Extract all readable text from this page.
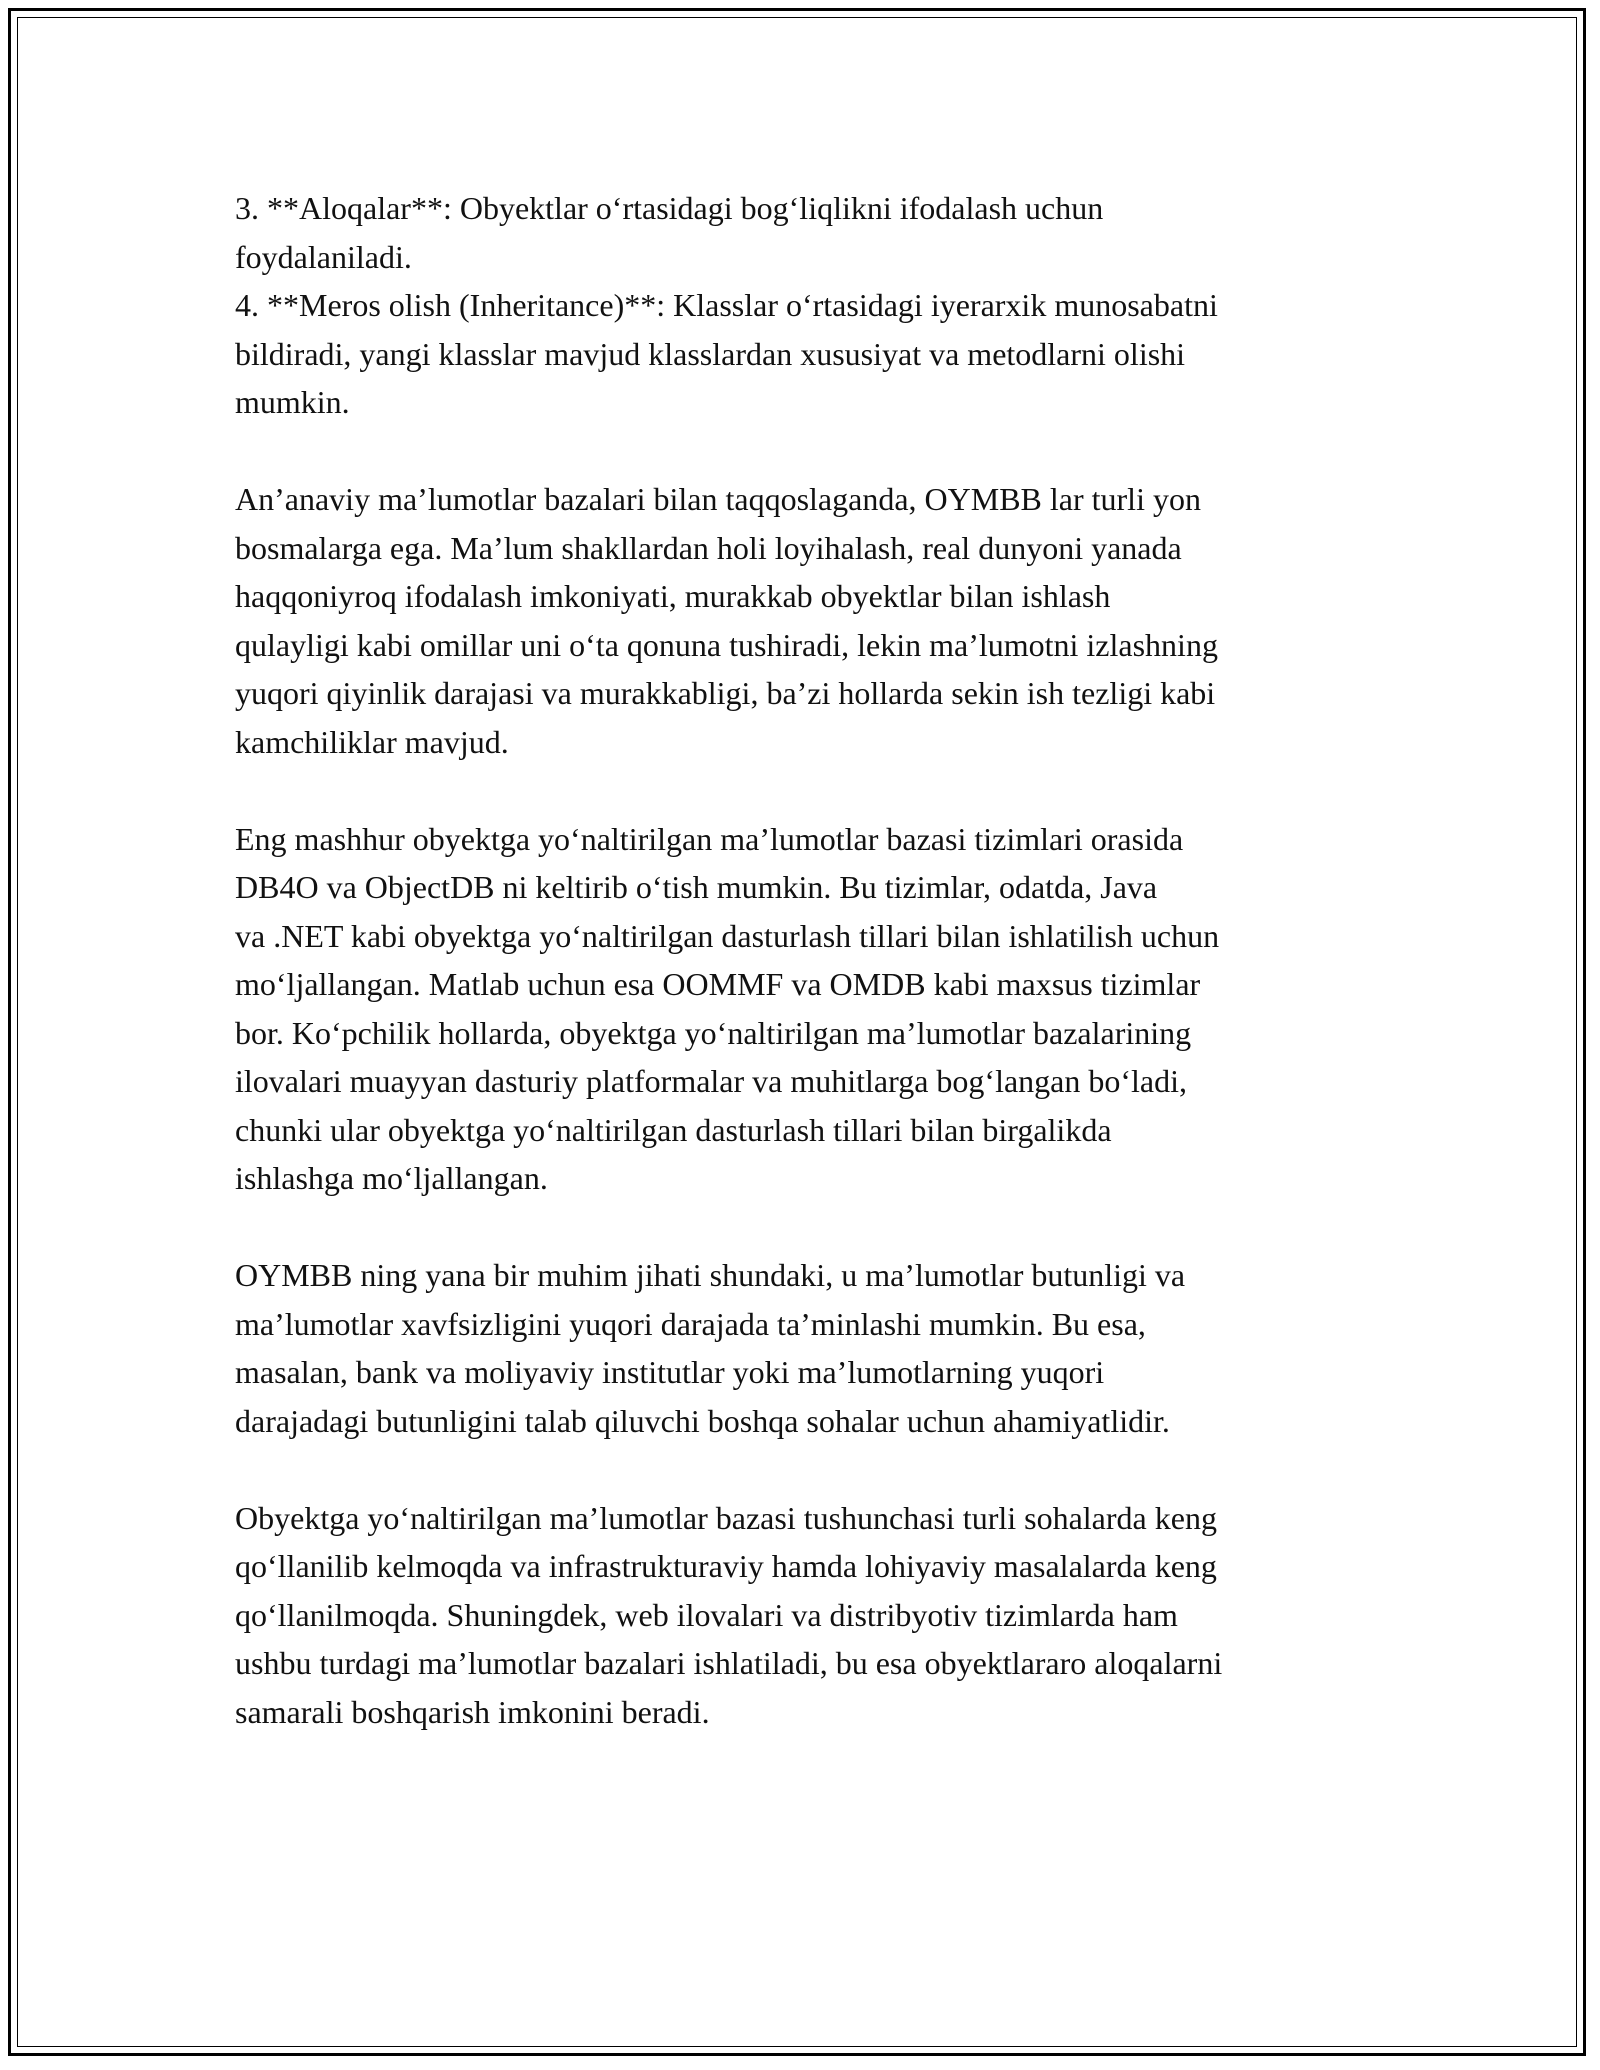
3. **Aloqalar**: Obyektlar o‘rtasidagi bog‘liqlikni ifodalash uchun
foydalaniladi.
4. **Meros olish (Inheritance)**: Klasslar o‘rtasidagi iyerarxik munosabatni
bildiradi, yangi klasslar mavjud klasslardan xususiyat va metodlarni olishi
mumkin.

An’anaviy ma’lumotlar bazalari bilan taqqoslaganda, OYMBB lar turli yon
bosmalarga ega. Ma’lum shakllardan holi loyihalash, real dunyoni yanada
haqqoniyroq ifodalash imkoniyati, murakkab obyektlar bilan ishlash
qulayligi kabi omillar uni o‘ta qonuna tushiradi, lekin ma’lumotni izlashning
yuqori qiyinlik darajasi va murakkabligi, ba’zi hollarda sekin ish tezligi kabi
kamchiliklar mavjud.

Eng mashhur obyektga yo‘naltirilgan ma’lumotlar bazasi tizimlari orasida
DB4O va ObjectDB ni keltirib o‘tish mumkin. Bu tizimlar, odatda, Java
va .NET kabi obyektga yo‘naltirilgan dasturlash tillari bilan ishlatilish uchun
mo‘ljallangan. Matlab uchun esa OOMMF va OMDB kabi maxsus tizimlar
bor. Ko‘pchilik hollarda, obyektga yo‘naltirilgan ma’lumotlar bazalarining
ilovalari muayyan dasturiy platformalar va muhitlarga bog‘langan bo‘ladi,
chunki ular obyektga yo‘naltirilgan dasturlash tillari bilan birgalikda
ishlashga mo‘ljallangan.

OYMBB ning yana bir muhim jihati shundaki, u ma’lumotlar butunligi va
ma’lumotlar xavfsizligini yuqori darajada ta’minlashi mumkin. Bu esa,
masalan, bank va moliyaviy institutlar yoki ma’lumotlarning yuqori
darajadagi butunligini talab qiluvchi boshqa sohalar uchun ahamiyatlidir.

Obyektga yo‘naltirilgan ma’lumotlar bazasi tushunchasi turli sohalarda keng
qo‘llanilib kelmoqda va infrastrukturaviy hamda lohiyaviy masalalarda keng
qo‘llanilmoqda. Shuningdek, web ilovalari va distribyotiv tizimlarda ham
ushbu turdagi ma’lumotlar bazalari ishlatiladi, bu esa obyektlararo aloqalarni
samarali boshqarish imkonini beradi.
